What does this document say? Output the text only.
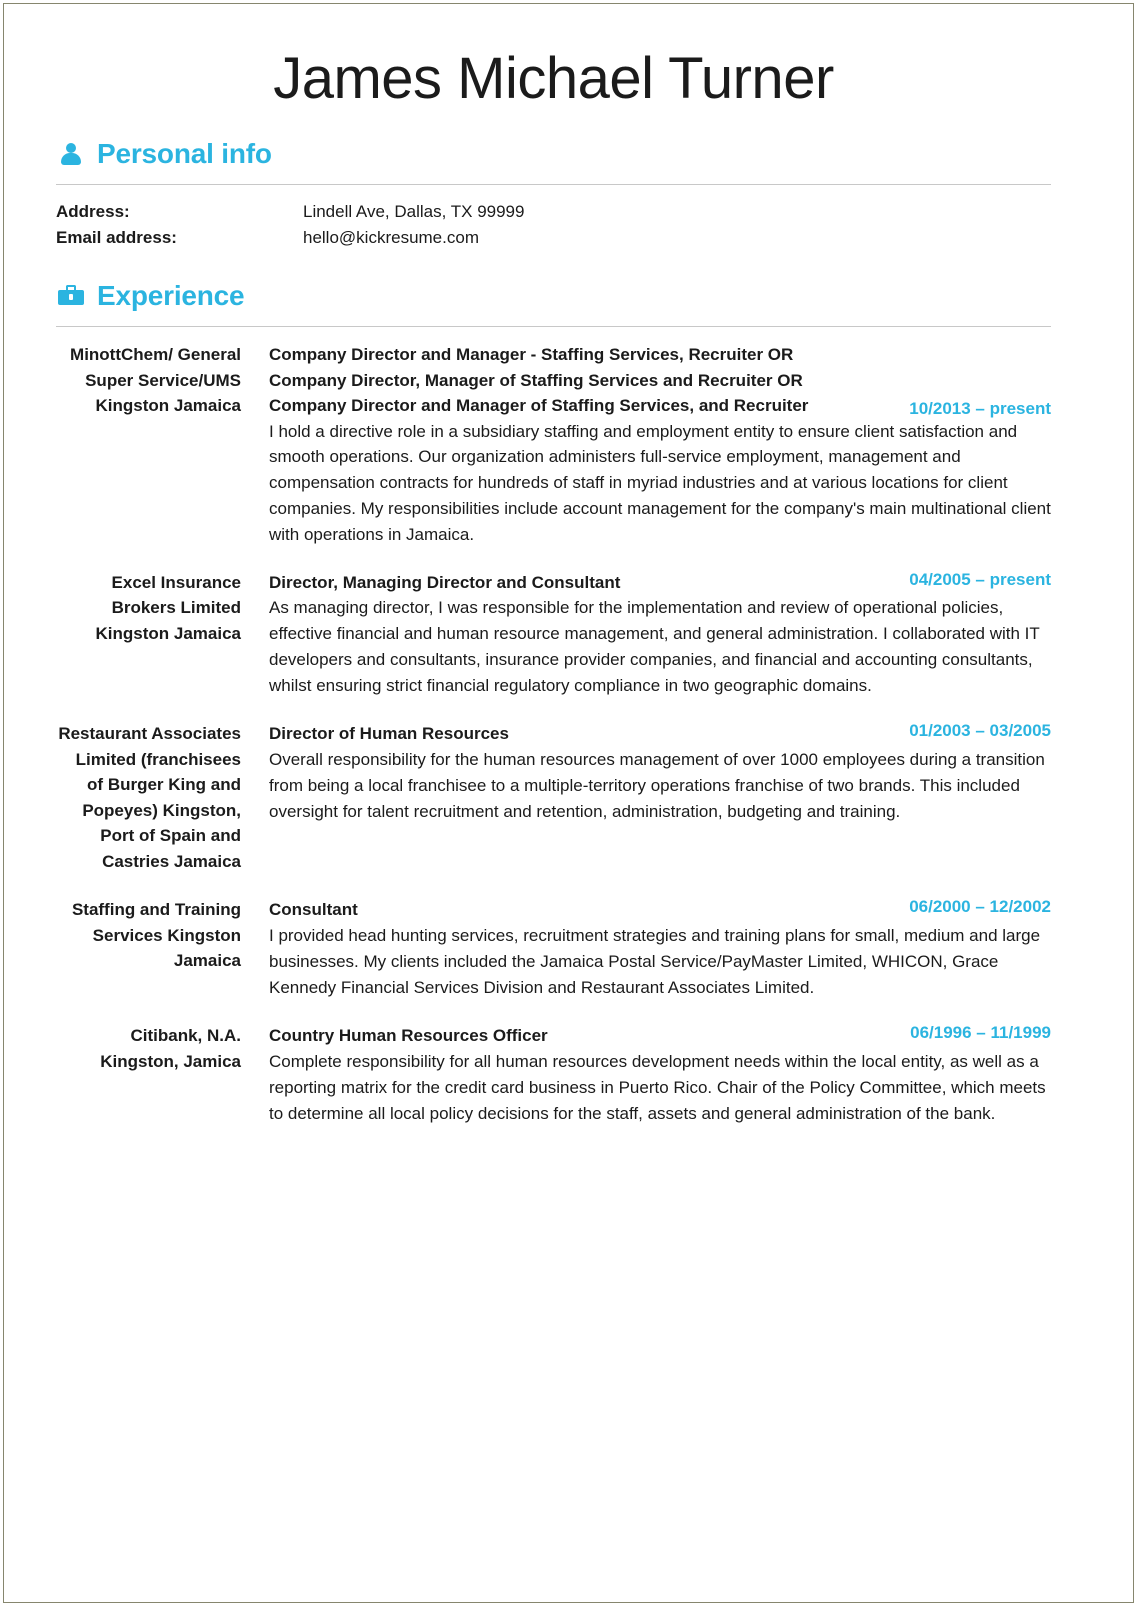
James Michael Turner
Personal info
Address:	Lindell Ave, Dallas, TX 99999
Email address:	hello@kickresume.com
Experience
MinottChem/ General Super Service/UMS Kingston Jamaica
Company Director and Manager - Staffing Services, Recruiter OR Company Director, Manager of Staffing Services and Recruiter OR Company Director and Manager of Staffing Services, and Recruiter	10/2013 – present
I hold a directive role in a subsidiary staffing and employment entity to ensure client satisfaction and smooth operations. Our organization administers full-service employment, management and compensation contracts for hundreds of staff in myriad industries and at various locations for client companies. My responsibilities include account management for the company's main multinational client with operations in Jamaica.
Excel Insurance Brokers Limited Kingston Jamaica
Director, Managing Director and Consultant	04/2005 – present
As managing director, I was responsible for the implementation and review of operational policies, effective financial and human resource management, and general administration. I collaborated with IT developers and consultants, insurance provider companies, and financial and accounting consultants, whilst ensuring strict financial regulatory compliance in two geographic domains.
Restaurant Associates Limited (franchisees of Burger King and Popeyes) Kingston, Port of Spain and Castries Jamaica
Director of Human Resources	01/2003 – 03/2005
Overall responsibility for the human resources management of over 1000 employees during a transition from being a local franchisee to a multiple-territory operations franchise of two brands. This included oversight for talent recruitment and retention, administration, budgeting and training.
Staffing and Training Services Kingston Jamaica
Consultant	06/2000 – 12/2002
I provided head hunting services, recruitment strategies and training plans for small, medium and large businesses. My clients included the Jamaica Postal Service/PayMaster Limited, WHICON, Grace Kennedy Financial Services Division and Restaurant Associates Limited.
Citibank, N.A. Kingston, Jamica
Country Human Resources Officer	06/1996 – 11/1999
Complete responsibility for all human resources development needs within the local entity, as well as a reporting matrix for the credit card business in Puerto Rico. Chair of the Policy Committee, which meets to determine all local policy decisions for the staff, assets and general administration of the bank.
